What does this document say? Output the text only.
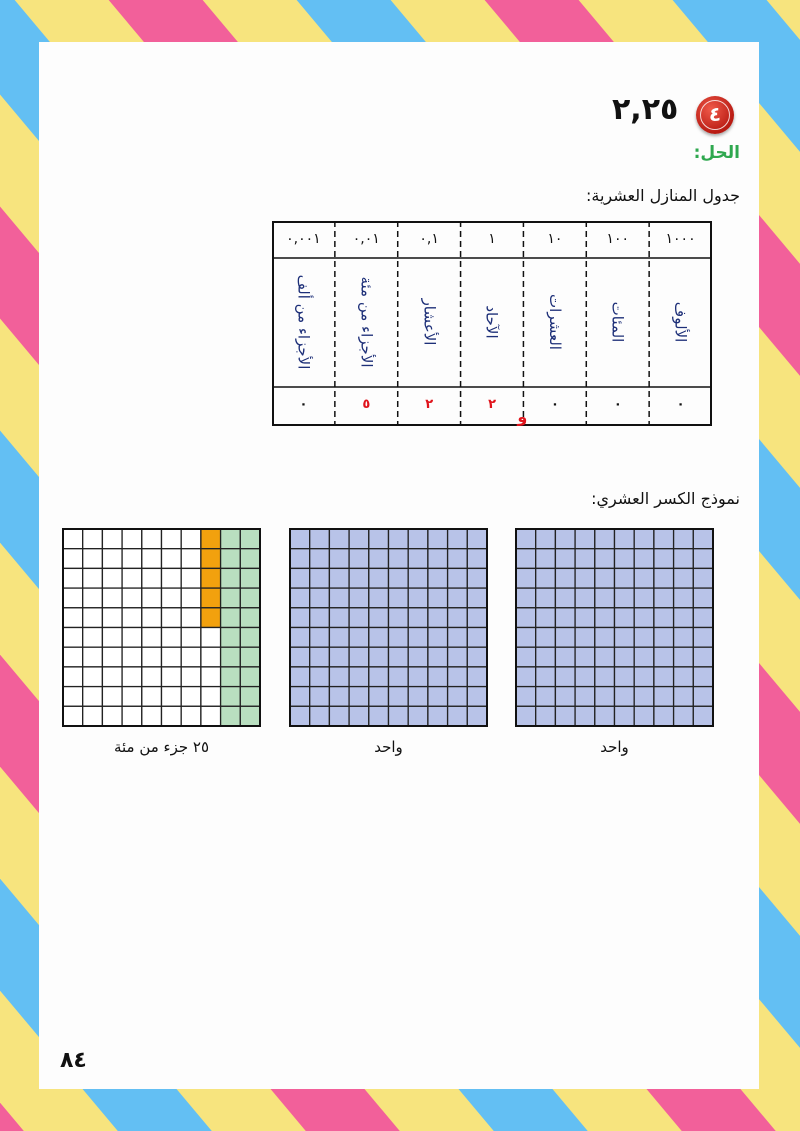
٤
٢,٢٥
الحل:
جدول المنازل العشرية:
١٠٠٠
الألوف
٠
١٠٠
المئات
٠
١٠
العشرات
٠
١
الآحاد
٢
٠,١
الأعشار
٢
٠,٠١
الأجزاء من مئة
٥
٠,٠٠١
الأجزاء من ألف
٠
و
نموذج الكسر العشري:
واحد
واحد
٢٥ جزء من مئة
٨٤
